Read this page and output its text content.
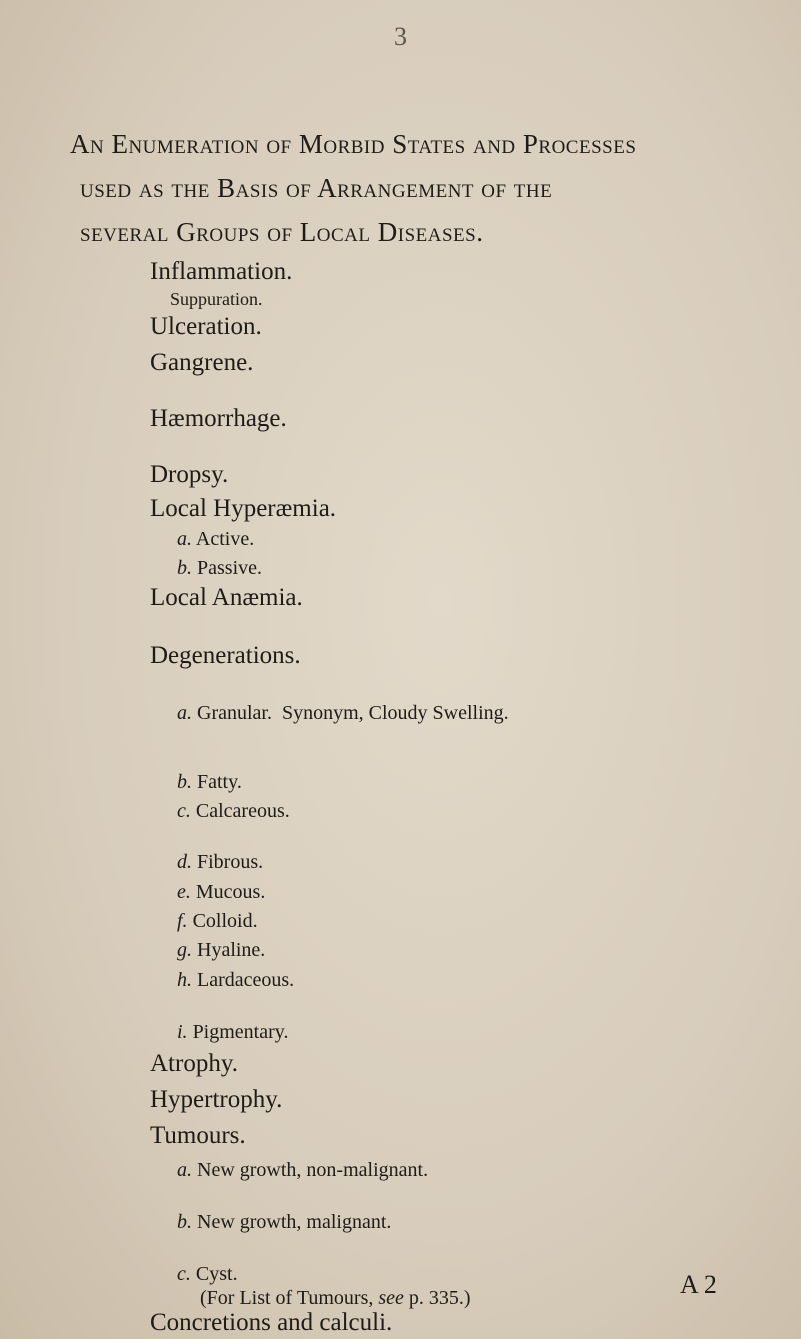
3
An Enumeration of Morbid States and Processes
used as the Basis of Arrangement of the
several Groups of Local Diseases.
Inflammation.
Suppuration.
Ulceration.
Gangrene.
Hæmorrhage.
Dropsy.
Local Hyperæmia.
a. Active.
b. Passive.
Local Anæmia.
Degenerations.
a. Granular.  Synonym, Cloudy Swelling.
b. Fatty.
c. Calcareous.
d. Fibrous.
e. Mucous.
f. Colloid.
g. Hyaline.
h. Lardaceous.
i. Pigmentary.
Atrophy.
Hypertrophy.
Tumours.
a. New growth, non-malignant.
b. New growth, malignant.
c. Cyst.
(For List of Tumours, see p. 335.)
Concretions and calculi.
A 2
